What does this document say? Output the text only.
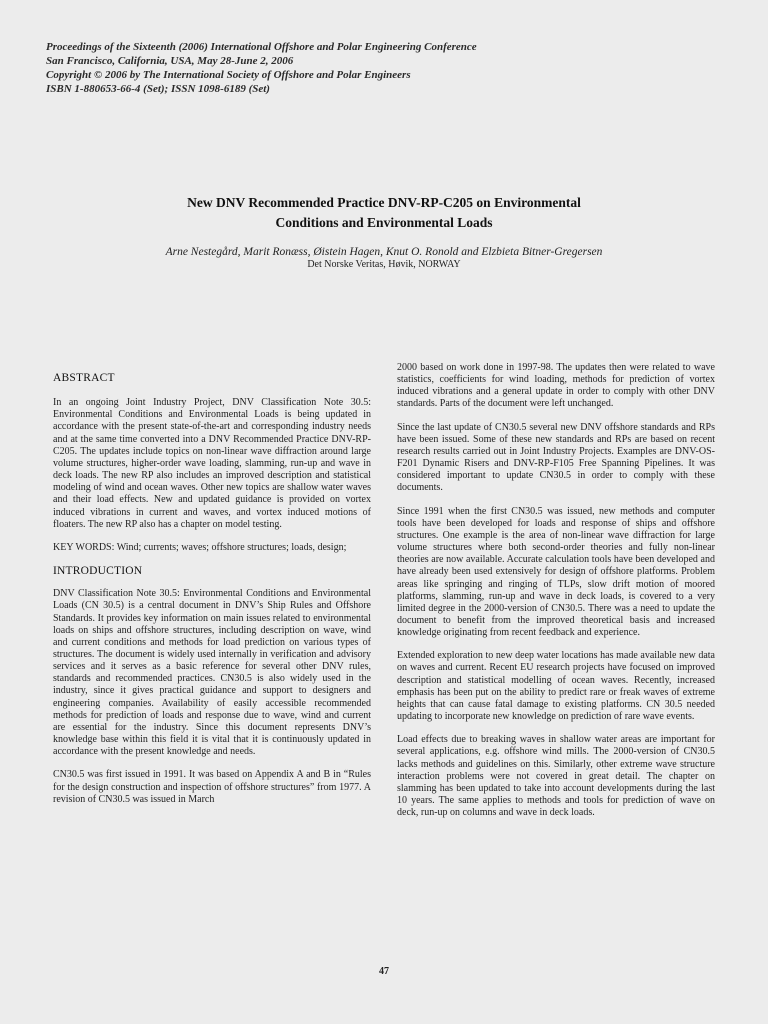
Proceedings of the Sixteenth (2006) International Offshore and Polar Engineering Conference
San Francisco, California, USA, May 28-June 2, 2006
Copyright © 2006 by The International Society of Offshore and Polar Engineers
ISBN 1-880653-66-4 (Set); ISSN 1098-6189 (Set)
New DNV Recommended Practice DNV-RP-C205 on Environmental
Conditions and Environmental Loads
Arne Nestegård, Marit Ronæss, Øistein Hagen, Knut O. Ronold and Elzbieta Bitner-Gregersen
Det Norske Veritas, Høvik, NORWAY
ABSTRACT

In an ongoing Joint Industry Project, DNV Classification Note 30.5: Environmental Conditions and Environmental Loads is being updated in accordance with the present state-of-the-art and corresponding industry needs and at the same time converted into a DNV Recommended Practice DNV-RP-C205. The updates include topics on non-linear wave diffraction around large volume structures, higher-order wave loading, slamming, run-up and wave in deck loads. The new RP also includes an improved description and statistical modeling of wind and ocean waves. Other new topics are shallow water waves and their load effects. New and updated guidance is provided on vortex induced vibrations in current and waves, and vortex induced motions of floaters. The new RP also has a chapter on model testing.

KEY WORDS: Wind; currents; waves; offshore structures; loads, design;

INTRODUCTION

DNV Classification Note 30.5: Environmental Conditions and Environmental Loads (CN 30.5) is a central document in DNV’s Ship Rules and Offshore Standards. It provides key information on main issues related to environmental loads on ships and offshore structures, including description on wave, wind and current conditions and methods for load prediction on various types of structures. The document is widely used internally in verification and advisory services and it serves as a basic reference for several other DNV rules, standards and recommended practices. CN30.5 is also widely used in the industry, since it gives practical guidance and support to designers and engineering companies. Availability of easily accessible recommended methods for prediction of loads and response due to wave, wind and current are essential for the industry. Since this document represents DNV’s knowledge base within this field it is vital that it is continuously updated in accordance with the present knowledge and needs.

CN30.5 was first issued in 1991. It was based on Appendix A and B in “Rules for the design construction and inspection of offshore structures” from 1977. A revision of CN30.5 was issued in March

2000 based on work done in 1997-98. The updates then were related to wave statistics, coefficients for wind loading, methods for prediction of vortex induced vibrations and a general update in order to comply with other DNV standards. Parts of the document were left unchanged.

Since the last update of CN30.5 several new DNV offshore standards and RPs have been issued. Some of these new standards and RPs are based on recent research results carried out in Joint Industry Projects. Examples are DNV-OS-F201 Dynamic Risers and DNV-RP-F105 Free Spanning Pipelines. It was considered important to update CN30.5 in order to comply with these documents.

Since 1991 when the first CN30.5 was issued, new methods and computer tools have been developed for loads and response of ships and offshore structures. One example is the area of non-linear wave diffraction for large volume structures where both second-order theories and fully non-linear theories are now available. Accurate calculation tools have been developed and have already been used extensively for design of offshore platforms. Problem areas like springing and ringing of TLPs, slow drift motion of moored platforms, slamming, run-up and wave in deck loads, is covered to a very limited degree in the 2000-version of CN30.5. There was a need to update the document to benefit from the improved theoretical basis and increased knowledge originating from recent feedback and experience.

Extended exploration to new deep water locations has made available new data on waves and current. Recent EU research projects have focused on improved description and statistical modelling of ocean waves. Recently, increased emphasis has been put on the ability to predict rare or freak waves of extreme heights that can cause fatal damage to existing platforms. CN 30.5 needed updating to incorporate new knowledge on prediction of rare wave events.

Load effects due to breaking waves in shallow water areas are important for several applications, e.g. offshore wind mills. The 2000-version of CN30.5 lacks methods and guidelines on this. Similarly, other extreme wave structure interaction problems were not covered in great detail. The chapter on slamming has been updated to take into account developments during the last 10 years. The same applies to methods and tools for prediction of wave on deck, run-up on columns and wave in deck loads.

47
